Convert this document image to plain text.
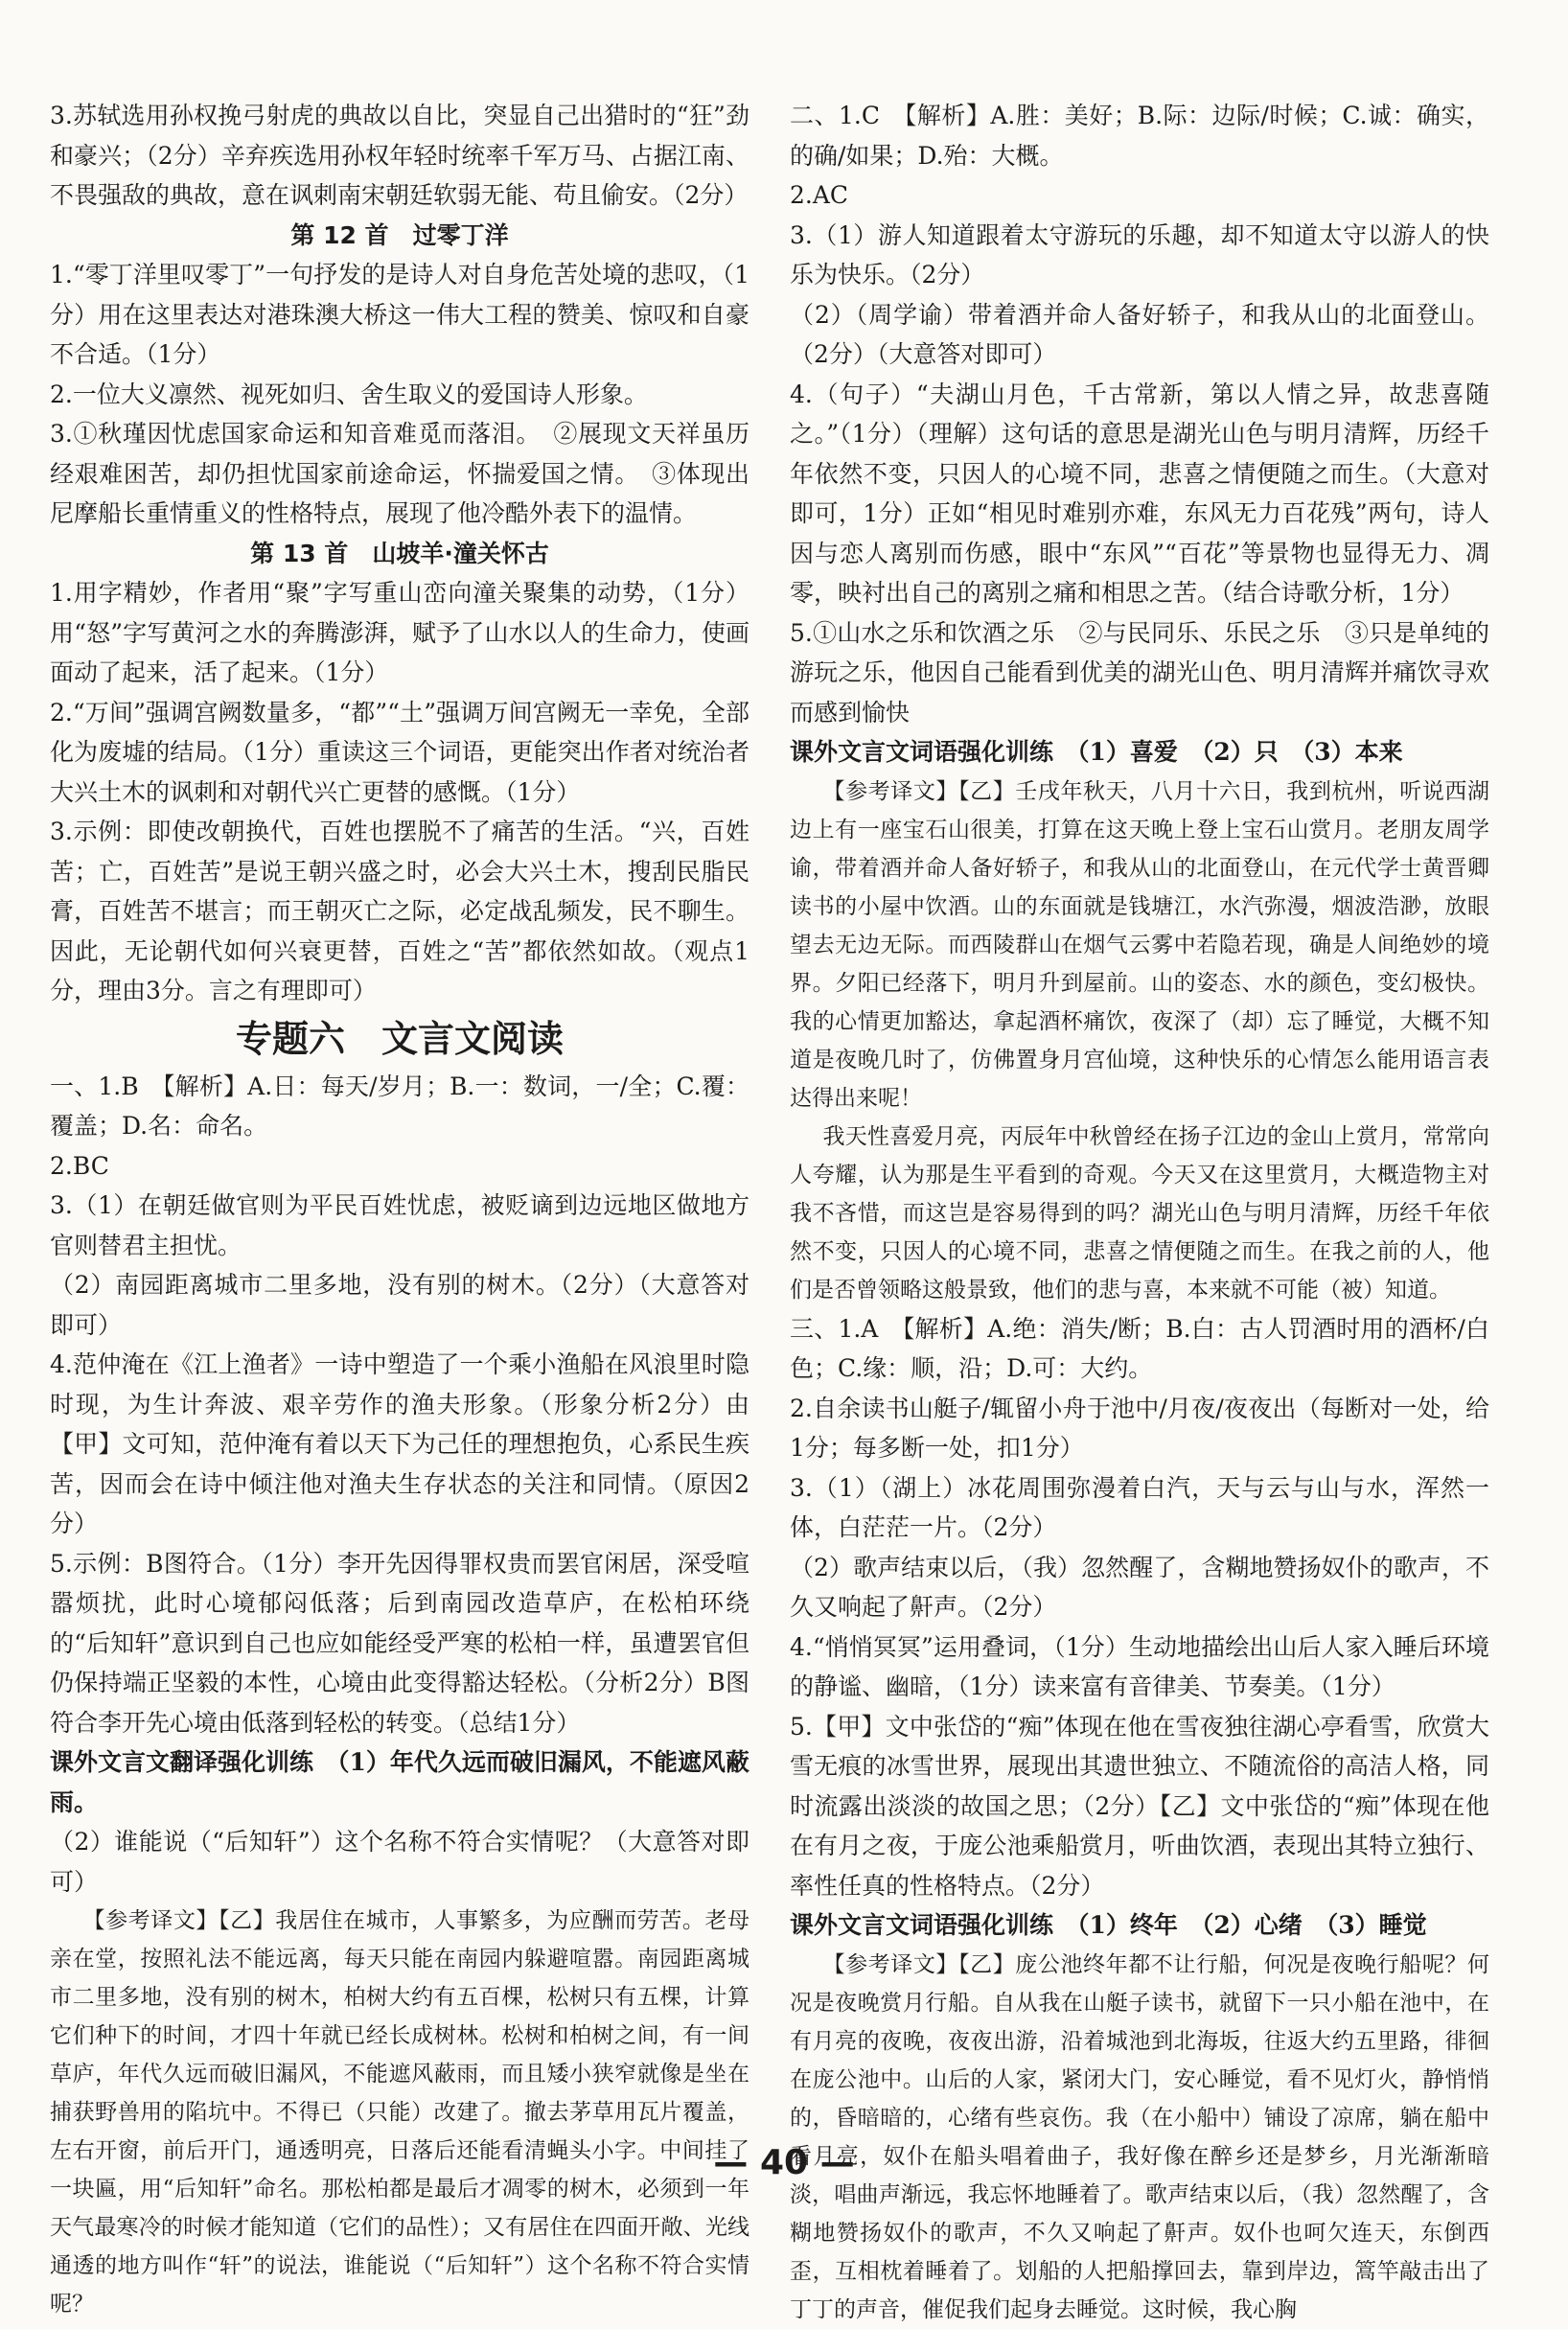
3.苏轼选用孙权挽弓射虎的典故以自比，突显自己出猎时的“狂”劲和豪兴；（2分）辛弃疾选用孙权年轻时统率千军万马、占据江南、不畏强敌的典故，意在讽刺南宋朝廷软弱无能、苟且偷安。（2分）

第 12 首　过零丁洋

1.“零丁洋里叹零丁”一句抒发的是诗人对自身危苦处境的悲叹，（1分）用在这里表达对港珠澳大桥这一伟大工程的赞美、惊叹和自豪不合适。（1分）

2.一位大义凛然、视死如归、舍生取义的爱国诗人形象。

3.①秋瑾因忧虑国家命运和知音难觅而落泪。　②展现文天祥虽历经艰难困苦，却仍担忧国家前途命运，怀揣爱国之情。　③体现出尼摩船长重情重义的性格特点，展现了他冷酷外表下的温情。

第 13 首　山坡羊·潼关怀古

1.用字精妙，作者用“聚”字写重山峦向潼关聚集的动势，（1分）用“怒”字写黄河之水的奔腾澎湃，赋予了山水以人的生命力，使画面动了起来，活了起来。（1分）

2.“万间”强调宫阙数量多，“都”“土”强调万间宫阙无一幸免，全部化为废墟的结局。（1分）重读这三个词语，更能突出作者对统治者大兴土木的讽刺和对朝代兴亡更替的感慨。（1分）

3.示例：即使改朝换代，百姓也摆脱不了痛苦的生活。“兴，百姓苦；亡，百姓苦”是说王朝兴盛之时，必会大兴土木，搜刮民脂民膏，百姓苦不堪言；而王朝灭亡之际，必定战乱频发，民不聊生。因此，无论朝代如何兴衰更替，百姓之“苦”都依然如故。（观点1分，理由3分。言之有理即可）

专题六　文言文阅读

一、1.B　【解析】A.日：每天/岁月；B.一：数词，一/全；C.覆：覆盖；D.名：命名。

2.BC

3.（1）在朝廷做官则为平民百姓忧虑，被贬谪到边远地区做地方官则替君主担忧。

（2）南园距离城市二里多地，没有别的树木。（2分）（大意答对即可）

4.范仲淹在《江上渔者》一诗中塑造了一个乘小渔船在风浪里时隐时现，为生计奔波、艰辛劳作的渔夫形象。（形象分析2分）由【甲】文可知，范仲淹有着以天下为己任的理想抱负，心系民生疾苦，因而会在诗中倾注他对渔夫生存状态的关注和同情。（原因2分）

5.示例：B图符合。（1分）李开先因得罪权贵而罢官闲居，深受喧嚣烦扰，此时心境郁闷低落；后到南园改造草庐，在松柏环绕的“后知轩”意识到自己也应如能经受严寒的松柏一样，虽遭罢官但仍保持端正坚毅的本性，心境由此变得豁达轻松。（分析2分）B图符合李开先心境由低落到轻松的转变。（总结1分）

课外文言文翻译强化训练　（1）年代久远而破旧漏风，不能遮风蔽雨。

（2）谁能说（“后知轩”）这个名称不符合实情呢？（大意答对即可）

【参考译文】【乙】我居住在城市，人事繁多，为应酬而劳苦。老母亲在堂，按照礼法不能远离，每天只能在南园内躲避喧嚣。南园距离城市二里多地，没有别的树木，柏树大约有五百棵，松树只有五棵，计算它们种下的时间，才四十年就已经长成树林。松树和柏树之间，有一间草庐，年代久远而破旧漏风，不能遮风蔽雨，而且矮小狭窄就像是坐在捕获野兽用的陷坑中。不得已（只能）改建了。撤去茅草用瓦片覆盖，左右开窗，前后开门，通透明亮，日落后还能看清蝇头小字。中间挂了一块匾，用“后知轩”命名。那松柏都是最后才凋零的树木，必须到一年天气最寒冷的时候才能知道（它们的品性）；又有居住在四面开敞、光线通透的地方叫作“轩”的说法，谁能说（“后知轩”）这个名称不符合实情呢？

二、1.C　【解析】A.胜：美好；B.际：边际/时候；C.诚：确实，的确/如果；D.殆：大概。

2.AC

3.（1）游人知道跟着太守游玩的乐趣，却不知道太守以游人的快乐为快乐。（2分）

（2）（周学谕）带着酒并命人备好轿子，和我从山的北面登山。（2分）（大意答对即可）

4.（句子）“夫湖山月色，千古常新，第以人情之异，故悲喜随之。”（1分）（理解）这句话的意思是湖光山色与明月清辉，历经千年依然不变，只因人的心境不同，悲喜之情便随之而生。（大意对即可，1分）正如“相见时难别亦难，东风无力百花残”两句，诗人因与恋人离别而伤感，眼中“东风”“百花”等景物也显得无力、凋零，映衬出自己的离别之痛和相思之苦。（结合诗歌分析，1分）

5.①山水之乐和饮酒之乐　②与民同乐、乐民之乐　③只是单纯的游玩之乐，他因自己能看到优美的湖光山色、明月清辉并痛饮寻欢而感到愉快

课外文言文词语强化训练　（1）喜爱　（2）只　（3）本来

【参考译文】【乙】壬戌年秋天，八月十六日，我到杭州，听说西湖边上有一座宝石山很美，打算在这天晚上登上宝石山赏月。老朋友周学谕，带着酒并命人备好轿子，和我从山的北面登山，在元代学士黄晋卿读书的小屋中饮酒。山的东面就是钱塘江，水汽弥漫，烟波浩渺，放眼望去无边无际。而西陵群山在烟气云雾中若隐若现，确是人间绝妙的境界。夕阳已经落下，明月升到屋前。山的姿态、水的颜色，变幻极快。我的心情更加豁达，拿起酒杯痛饮，夜深了（却）忘了睡觉，大概不知道是夜晚几时了，仿佛置身月宫仙境，这种快乐的心情怎么能用语言表达得出来呢！

我天性喜爱月亮，丙辰年中秋曾经在扬子江边的金山上赏月，常常向人夸耀，认为那是生平看到的奇观。今天又在这里赏月，大概造物主对我不吝惜，而这岂是容易得到的吗？湖光山色与明月清辉，历经千年依然不变，只因人的心境不同，悲喜之情便随之而生。在我之前的人，他们是否曾领略这般景致，他们的悲与喜，本来就不可能（被）知道。

三、1.A　【解析】A.绝：消失/断；B.白：古人罚酒时用的酒杯/白色；C.缘：顺，沿；D.可：大约。

2.自余读书山艇子/辄留小舟于池中/月夜/夜夜出（每断对一处，给1分；每多断一处，扣1分）

3.（1）（湖上）冰花周围弥漫着白汽，天与云与山与水，浑然一体，白茫茫一片。（2分）

（2）歌声结束以后，（我）忽然醒了，含糊地赞扬奴仆的歌声，不久又响起了鼾声。（2分）

4.“悄悄冥冥”运用叠词，（1分）生动地描绘出山后人家入睡后环境的静谧、幽暗，（1分）读来富有音律美、节奏美。（1分）

5.【甲】文中张岱的“痴”体现在他在雪夜独往湖心亭看雪，欣赏大雪无痕的冰雪世界，展现出其遗世独立、不随流俗的高洁人格，同时流露出淡淡的故国之思；（2分）【乙】文中张岱的“痴”体现在他在有月之夜，于庞公池乘船赏月，听曲饮酒，表现出其特立独行、率性任真的性格特点。（2分）

课外文言文词语强化训练　（1）终年　（2）心绪　（3）睡觉

【参考译文】【乙】庞公池终年都不让行船，何况是夜晚行船呢？何况是夜晚赏月行船。自从我在山艇子读书，就留下一只小船在池中，在有月亮的夜晚，夜夜出游，沿着城池到北海坂，往返大约五里路，徘徊在庞公池中。山后的人家，紧闭大门，安心睡觉，看不见灯火，静悄悄的，昏暗暗的，心绪有些哀伤。我（在小船中）铺设了凉席，躺在船中看月亮，奴仆在船头唱着曲子，我好像在醉乡还是梦乡，月光渐渐暗淡，唱曲声渐远，我忘怀地睡着了。歌声结束以后，（我）忽然醒了，含糊地赞扬奴仆的歌声，不久又响起了鼾声。奴仆也呵欠连天，东倒西歪，互相枕着睡着了。划船的人把船撑回去，靠到岸边，篙竿敲击出了丁丁的声音，催促我们起身去睡觉。这时候，我心胸

— 40 —
